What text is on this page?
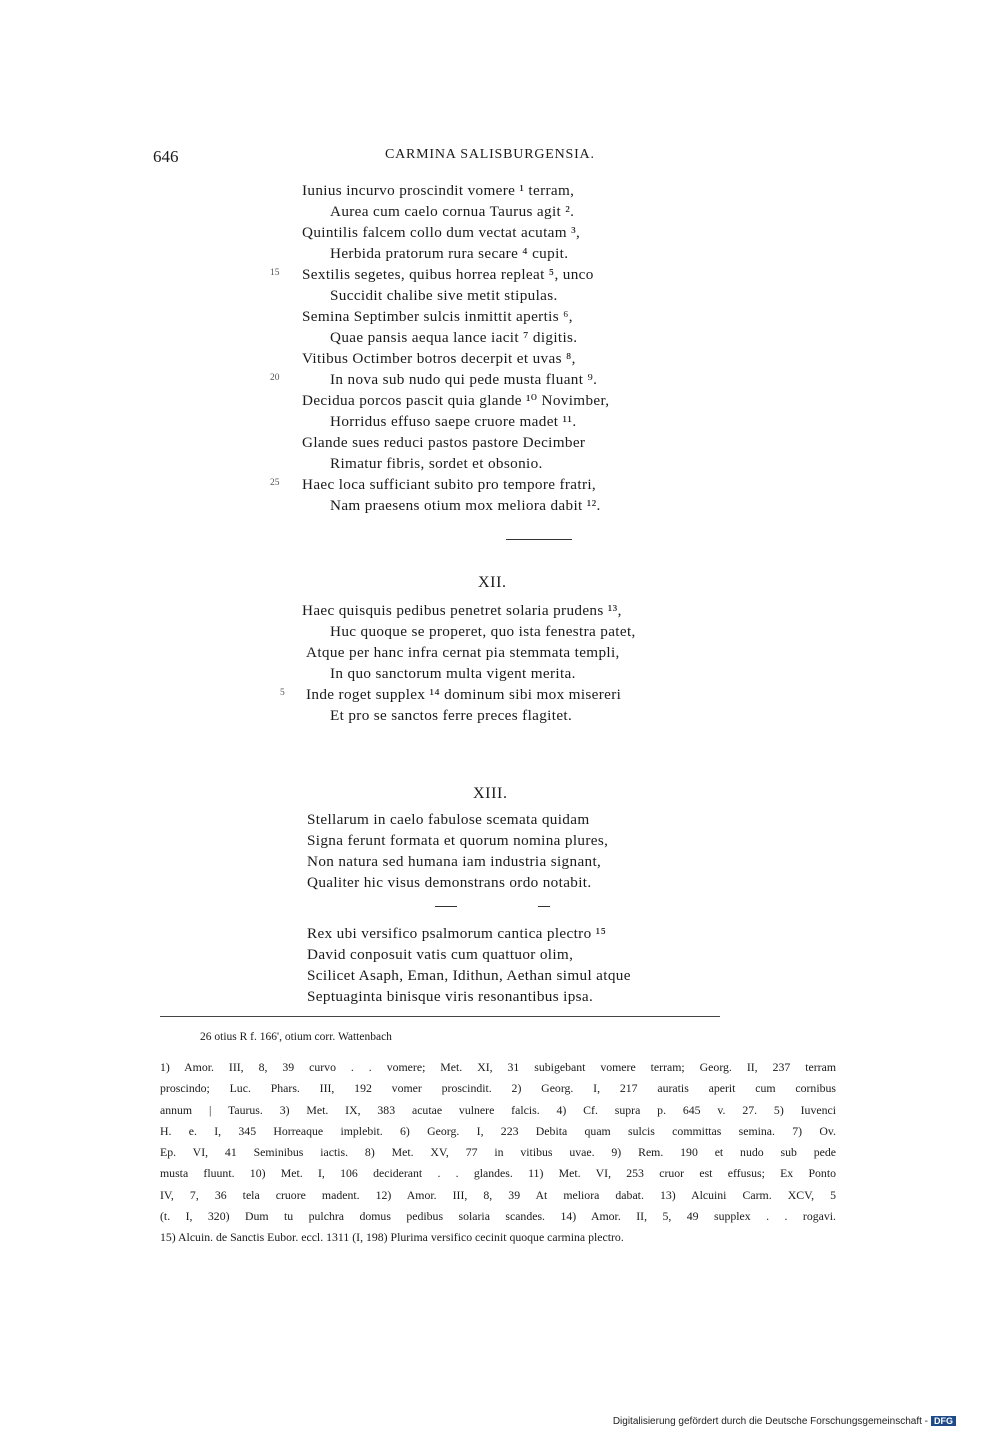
646	CARMINA SALISBURGENSIA.
Iunius incurvo proscindit vomere ¹ terram,
Aurea cum caelo cornua Taurus agit ².
Quintilis falcem collo dum vectat acutam ³,
Herbida pratorum rura secare ⁴ cupit.
Sextilis segetes, quibus horrea repleat ⁵, unco
Succidit chalibe sive metit stipulas.
Semina Septimber sulcis inmittit apertis ⁶,
Quae pansis aequa lance iacit ⁷ digitis.
Vitibus Octimber botros decerpit et uvas ⁸,
In nova sub nudo qui pede musta fluant ⁹.
Decidua porcos pascit quia glande ¹⁰ Novimber,
Horridus effuso saepe cruore madet ¹¹.
Glande sues reduci pastos pastore Decimber
Rimatur fibris, sordet et obsonio.
Haec loca sufficiant subito pro tempore fratri,
Nam praesens otium mox meliora dabit ¹².
15
20
25
XII.
Haec quisquis pedibus penetret solaria prudens ¹³,
Huc quoque se properet, quo ista fenestra patet,
Atque per hanc infra cernat pia stemmata templi,
In quo sanctorum multa vigent merita.
Inde roget supplex ¹⁴ dominum sibi mox misereri
Et pro se sanctos ferre preces flagitet.
5
XIII.
Stellarum in caelo fabulose scemata quidam
Signa ferunt formata et quorum nomina plures,
Non natura sed humana iam industria signant,
Qualiter hic visus demonstrans ordo notabit.
Rex ubi versifico psalmorum cantica plectro ¹⁵
David conposuit vatis cum quattuor olim,
Scilicet Asaph, Eman, Idithun, Aethan simul atque
Septuaginta binisque viris resonantibus ipsa.
26 otius R f. 166', otium corr. Wattenbach
1) Amor. III, 8, 39 curvo . . vomere; Met. XI, 31 subigebant vomere terram; Georg. II, 237 terram
proscindo; Luc. Phars. III, 192 vomer proscindit. 2) Georg. I, 217 auratis aperit cum cornibus
annum | Taurus. 3) Met. IX, 383 acutae vulnere falcis. 4) Cf. supra p. 645 v. 27. 5) Iuvenci
H. e. I, 345 Horreaque implebit. 6) Georg. I, 223 Debita quam sulcis committas semina. 7) Ov.
Ep. VI, 41 Seminibus iactis. 8) Met. XV, 77 in vitibus uvae. 9) Rem. 190 et nudo sub pede
musta fluunt. 10) Met. I, 106 deciderant . . glandes. 11) Met. VI, 253 cruor est effusus; Ex Ponto
IV, 7, 36 tela cruore madent. 12) Amor. III, 8, 39 At meliora dabat. 13) Alcuini Carm. XCV, 5
(t. I, 320) Dum tu pulchra domus pedibus solaria scandes. 14) Amor. II, 5, 49 supplex . . rogavi.
15) Alcuin. de Sanctis Eubor. eccl. 1311 (I, 198) Plurima versifico cecinit quoque carmina plectro.
Digitalisierung gefördert durch die Deutsche Forschungsgemeinschaft - DFG
